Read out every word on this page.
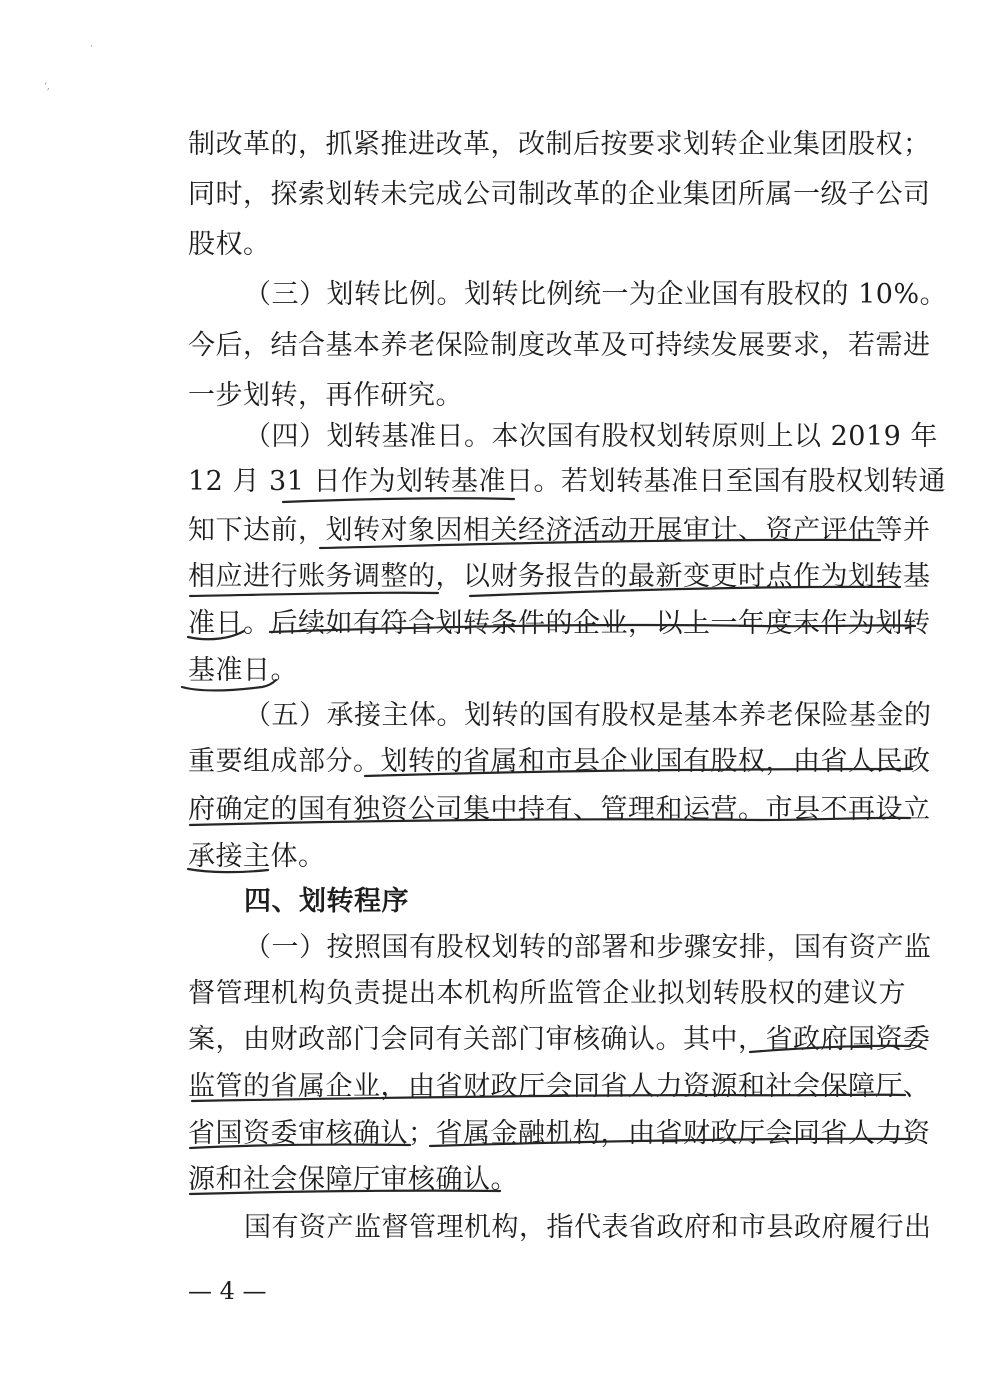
·
ʻ,
制改革的，抓紧推进改革，改制后按要求划转企业集团股权；
同时，探索划转未完成公司制改革的企业集团所属一级子公司
股权。
（三）划转比例。划转比例统一为企业国有股权的 10%。
今后，结合基本养老保险制度改革及可持续发展要求，若需进
一步划转，再作研究。
（四）划转基准日。本次国有股权划转原则上以 2019 年
12 月 31 日作为划转基准日。若划转基准日至国有股权划转通
知下达前，划转对象因相关经济活动开展审计、资产评估等并
相应进行账务调整的，以财务报告的最新变更时点作为划转基
准日。后续如有符合划转条件的企业，以上一年度末作为划转
基准日。
（五）承接主体。划转的国有股权是基本养老保险基金的
重要组成部分。划转的省属和市县企业国有股权，由省人民政
府确定的国有独资公司集中持有、管理和运营。市县不再设立
承接主体。
四、划转程序
（一）按照国有股权划转的部署和步骤安排，国有资产监
督管理机构负责提出本机构所监管企业拟划转股权的建议方
案，由财政部门会同有关部门审核确认。其中，省政府国资委
监管的省属企业，由省财政厅会同省人力资源和社会保障厅、
省国资委审核确认；省属金融机构，由省财政厅会同省人力资
源和社会保障厅审核确认。
国有资产监督管理机构，指代表省政府和市县政府履行出
— 4 —
